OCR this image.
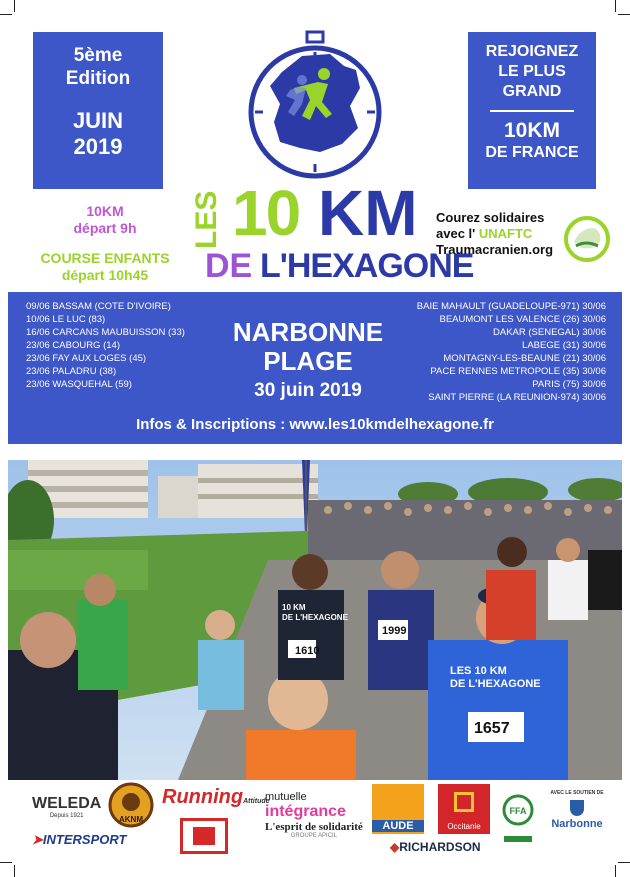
5ème
Edition
JUIN
2019
REJOIGNEZ
LE PLUS
GRAND
10KM
DE FRANCE
LES 10 KM
DE L'HEXAGONE
10KM
départ 9h
COURSE ENFANTS
départ 10h45
Courez solidaires
avec l' UNAFTC
Traumacranien.org
09/06 BASSAM (COTE D'IVOIRE)
10/06 LE LUC (83)
16/06 CARCANS MAUBUISSON (33)
23/06 CABOURG (14)
23/06 FAY AUX LOGES (45)
23/06 PALADRU (38)
23/06 WASQUEHAL (59)
BAIE MAHAULT (GUADELOUPE-971) 30/06
BEAUMONT LES VALENCE (26) 30/06
DAKAR (SENEGAL) 30/06
LABEGE (31) 30/06
MONTAGNY-LES-BEAUNE (21) 30/06
PACE RENNES METROPOLE (35) 30/06
PARIS (75) 30/06
SAINT PIERRE (LA REUNION-974) 30/06
NARBONNE
PLAGE
30 juin 2019
Infos & Inscriptions : www.les10kmdelhexagone.fr
1610
1999
1657
LES 10 KM DE L'HEXAGONE
10 KM DE L'HEXAGONE
WELEDA
Depuis 1921	AKNM
RunningAttitude
mutuelle
intégrance
L'esprit de solidarité
GROUPE APICIL
AUDE	Occitanie
FFA
AVEC LE SOUTIEN DE
Narbonne
➤INTERSPORT	◆RICHARDSON
